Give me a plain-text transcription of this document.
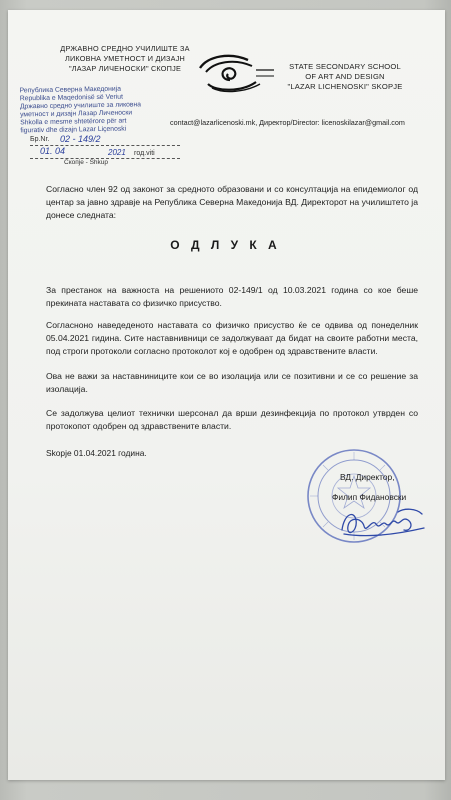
ДРЖАВНО СРЕДНО УЧИЛИШТЕ ЗА
ЛИКОВНА УМЕТНОСТ И ДИЗАЈН
"ЛАЗАР ЛИЧЕНОСКИ" СКОПЈЕ	STATE SECONDARY SCHOOL
OF ART AND DESIGN
"LAZAR LICHENOSKI" SKOPJE
Република Северна Македонија
Republika e Maqedonisë së Veriut
Државно средно училиште за ликовна
уметност и дизајн Лазар Личеноски
Shkolla e mesme shtetërore për art
figurativ dhe dizajn Lazar Liçenoski
contact@lazarlicenoski.mk, Директор/Director: licenoskilazar@gmail.com
Бр.Nr. 02 - 149/2
01. 04	2021 год.viti
Скопје - Shkup
Согласно член 92 од законот за средното образовани и со консултација на епидемиолог од центар за јавно здравје на Република Северна Македонија ВД. Директорот на училиштето ја донесе следната:
О Д Л У К А
За престанок на важноста на решениото 02-149/1 од 10.03.2021 година со кое беше прекината наставата со физичко присуство.
Согласноно наведеденото наставата со физичко присуство ќе се одвива од понеделник 05.04.2021 гидина. Сите наставнивници се задолжуваат да бидат на своите работни места, под строги протоколи согласно протоколот кој е одобрен од здравствените власти.
Ова не важи за наставниниците кои се во изолација или се позитивни и се со решение за изолација.
Се задолжува целиот технички шерсонал да врши дезинфекција по протокол утврден со протокопот одобрен од здравствените власти.
Skopje 01.04.2021 година.
ВД. Директор,
Филип Фидановски
